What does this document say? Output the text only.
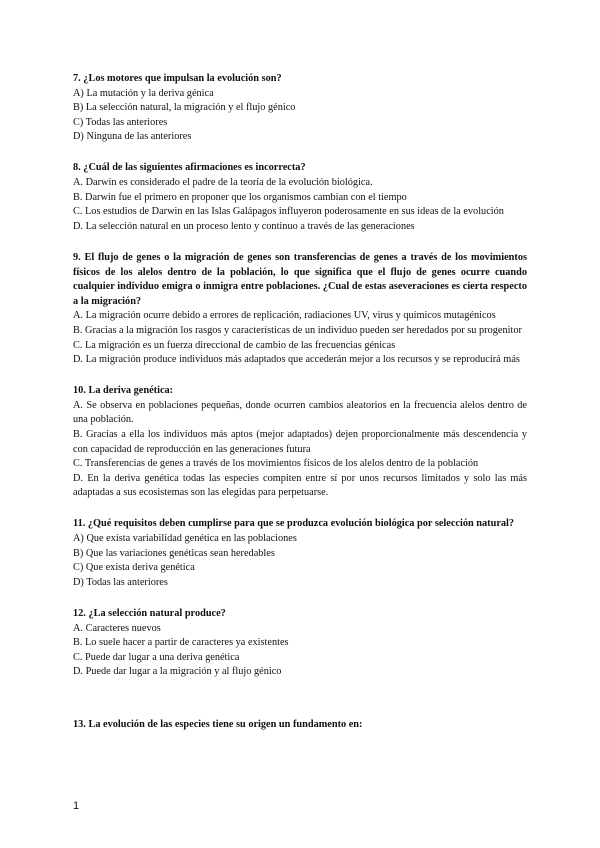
7. ¿Los motores que impulsan la evolución son?

A) La mutación y la deriva génica

B) La selección natural, la migración y el flujo génico

C) Todas las anteriores

D) Ninguna de las anteriores

8. ¿Cuál de las siguientes afirmaciones es incorrecta?

A. Darwin es considerado el padre de la teoría de la evolución biológica.

B. Darwin fue el primero en proponer que los organismos cambian con el tiempo

C. Los estudios de Darwin en las Islas Galápagos influyeron poderosamente en sus ideas de la evolución

D. La selección natural en un proceso lento y continuo a través de las generaciones

9. El flujo de genes o la migración de genes son transferencias de genes a través de los movimientos físicos de los alelos dentro de la población, lo que significa que el flujo de genes ocurre cuando cualquier individuo emigra o inmigra entre poblaciones. ¿Cual de estas aseveraciones es cierta respecto a la migración?

A. La migración ocurre debido a errores de replicación, radiaciones UV, virus y químicos mutagénicos

B. Gracias a la migración los rasgos y características de un individuo pueden ser heredados por su progenitor

C. La migración es un fuerza direccional de cambio de las frecuencias génicas

D. La migración produce individuos más adaptados que accederán mejor a los recursos y se reproducirá más

10. La deriva genética:

A. Se observa en poblaciones pequeñas, donde ocurren cambios aleatorios en la frecuencia alelos dentro de una población.

B. Gracias a ella los individuos más aptos (mejor adaptados) dejen proporcionalmente más descendencia y con capacidad de reproducción en las generaciones futura

C. Transferencias de genes a través de los movimientos físicos de los alelos dentro de la población

D. En la deriva genética todas las especies compiten entre sí por unos recursos limitados y solo las más adaptadas a sus ecosistemas son las elegidas para perpetuarse.

11. ¿Qué requisitos deben cumplirse para que se produzca evolución biológica por selección natural?

A) Que exista variabilidad genética en las poblaciones

B) Que las variaciones genéticas sean heredables

C) Que exista deriva genética

D) Todas las anteriores

12. ¿La selección natural produce?

A. Caracteres nuevos

B. Lo suele hacer a partir de caracteres ya existentes

C. Puede dar lugar a una deriva genética

D. Puede dar lugar a la migración y al flujo génico

13. La evolución de las especies tiene su origen un fundamento en:

1
